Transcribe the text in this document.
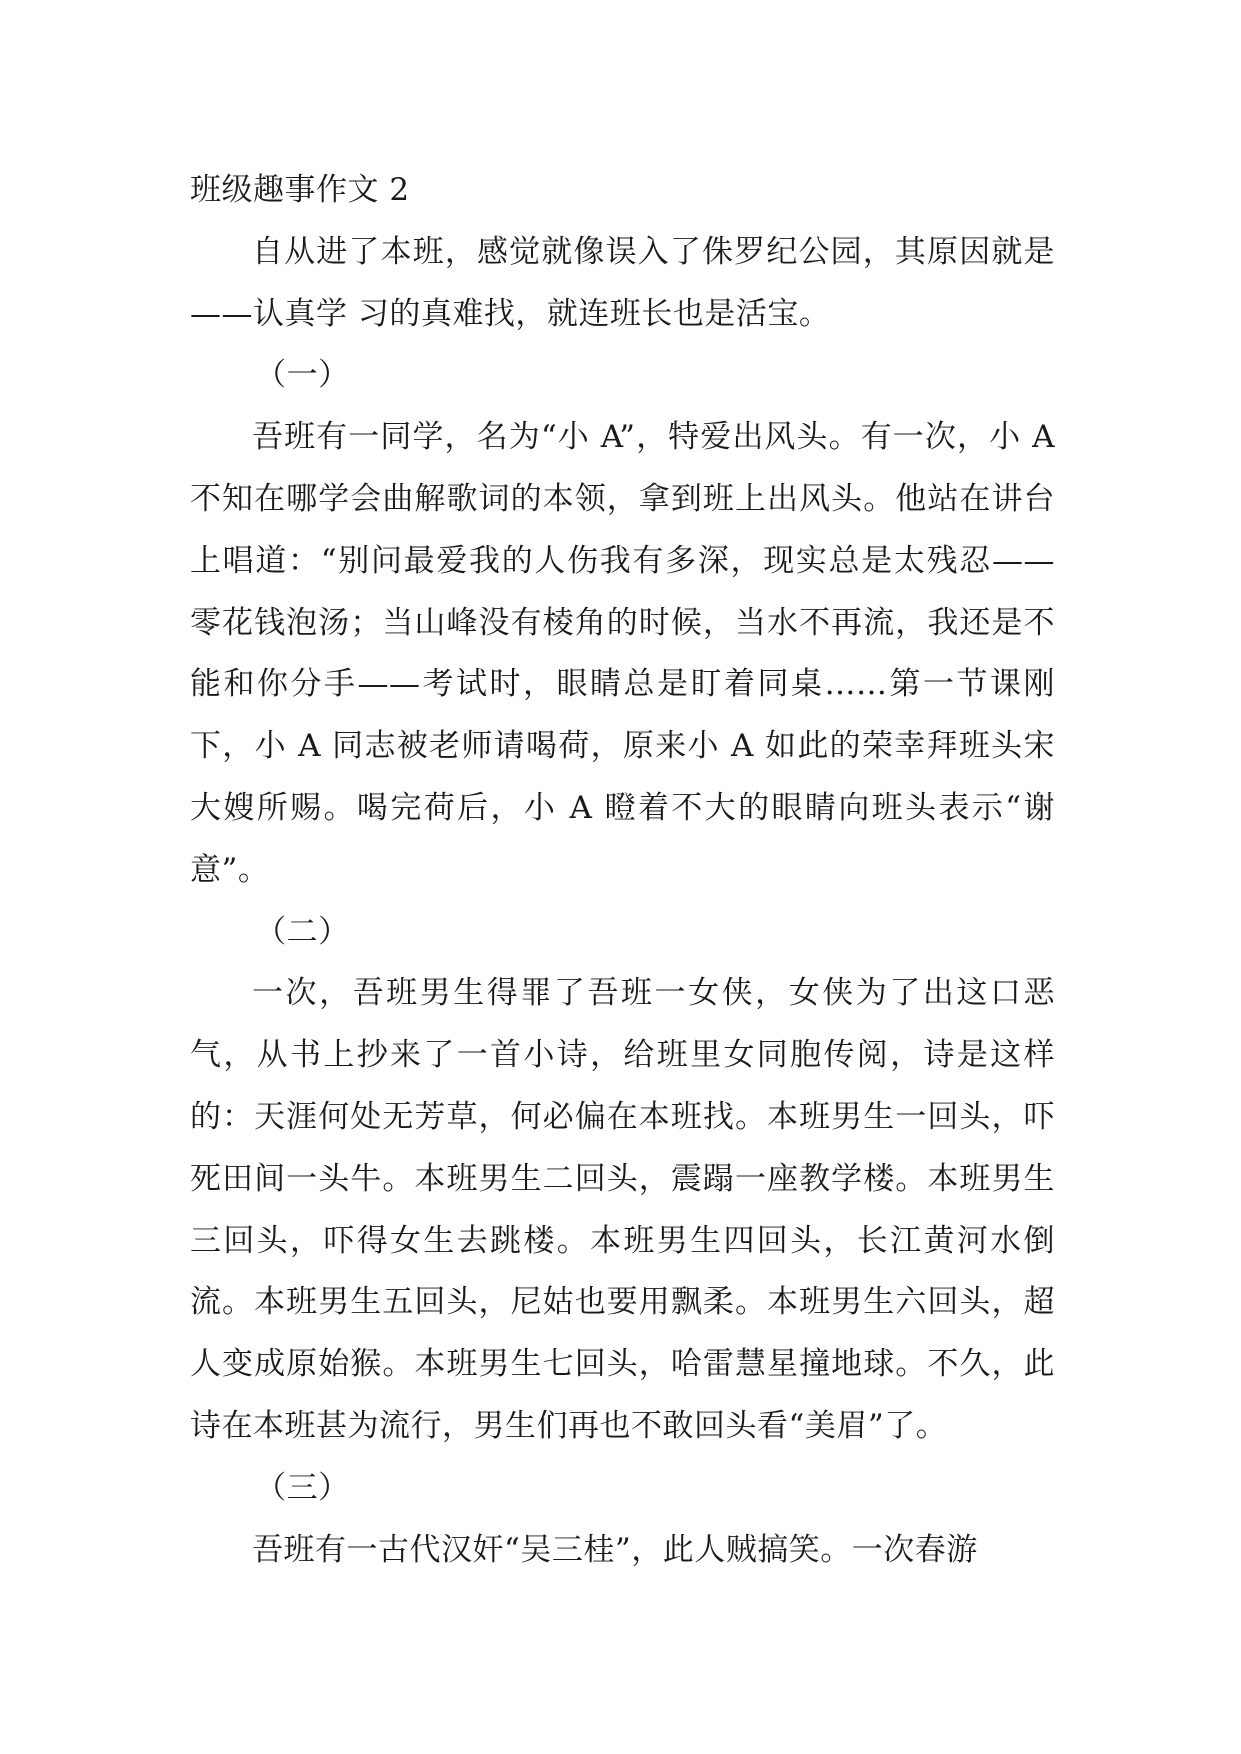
班级趣事作文 2

自从进了本班，感觉就像误入了侏罗纪公园，其原因就是——认真学 习的真难找，就连班长也是活宝。

（一）

吾班有一同学，名为“小 A”，特爱出风头。有一次，小 A 不知在哪学会曲解歌词的本领，拿到班上出风头。他站在讲台上唱道：“别问最爱我的人伤我有多深，现实总是太残忍——零花钱泡汤；当山峰没有棱角的时候，当水不再流，我还是不能和你分手——考试时，眼睛总是盯着同桌……第一节课刚下，小 A 同志被老师请喝荷，原来小 A 如此的荣幸拜班头宋大嫂所赐。喝完荷后，小 A 瞪着不大的眼睛向班头表示“谢意”。

（二）

一次，吾班男生得罪了吾班一女侠，女侠为了出这口恶气，从书上抄来了一首小诗，给班里女同胞传阅，诗是这样的：天涯何处无芳草，何必偏在本班找。本班男生一回头，吓死田间一头牛。本班男生二回头，震蹋一座教学楼。本班男生三回头，吓得女生去跳楼。本班男生四回头，长江黄河水倒流。本班男生五回头，尼姑也要用飘柔。本班男生六回头，超人变成原始猴。本班男生七回头，哈雷慧星撞地球。不久，此诗在本班甚为流行，男生们再也不敢回头看“美眉”了。

（三）

吾班有一古代汉奸“吴三桂”，此人贼搞笑。一次春游
